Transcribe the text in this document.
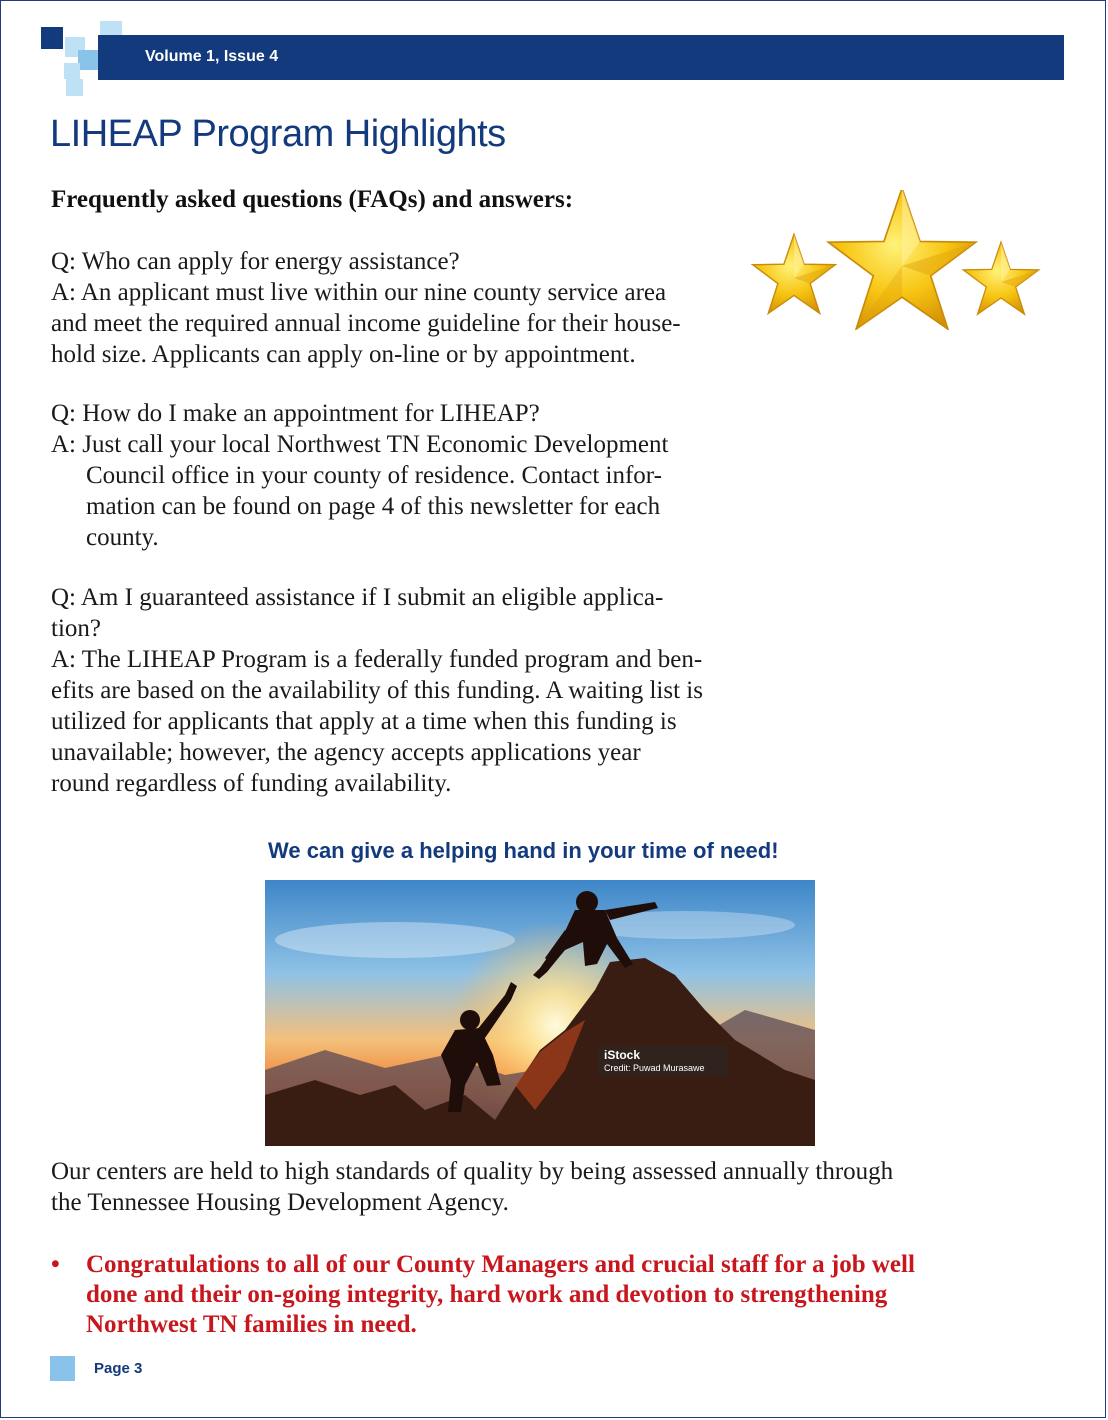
Volume 1, Issue 4
LIHEAP Program Highlights
Frequently asked questions (FAQs) and answers:

Q: Who can apply for energy assistance?

A: An applicant must live within our nine county service area

and meet the required annual income guideline for their house-

hold size. Applicants can apply on-line or by appointment.

Q: How do I make an appointment for LIHEAP?

A: Just call your local Northwest TN Economic Development

Council office in your county of residence. Contact infor-

mation can be found on page 4 of this newsletter for each

county.

Q: Am I guaranteed assistance if I submit an eligible applica-

tion?

A: The LIHEAP Program is a federally funded program and ben-

efits are based on the availability of this funding. A waiting list is

utilized for applicants that apply at a time when this funding is

unavailable; however, the agency accepts applications year

round regardless of funding availability.

We can give a helping hand in your time of need!
iStock
Credit: Puwad Murasawe

Our centers are held to high standards of quality by being assessed annually through

the Tennessee Housing Development Agency.

• Congratulations to all of our County Managers and crucial staff for a job well
done and their on-going integrity, hard work and devotion to strengthening
Northwest TN families in need.
Page 3
